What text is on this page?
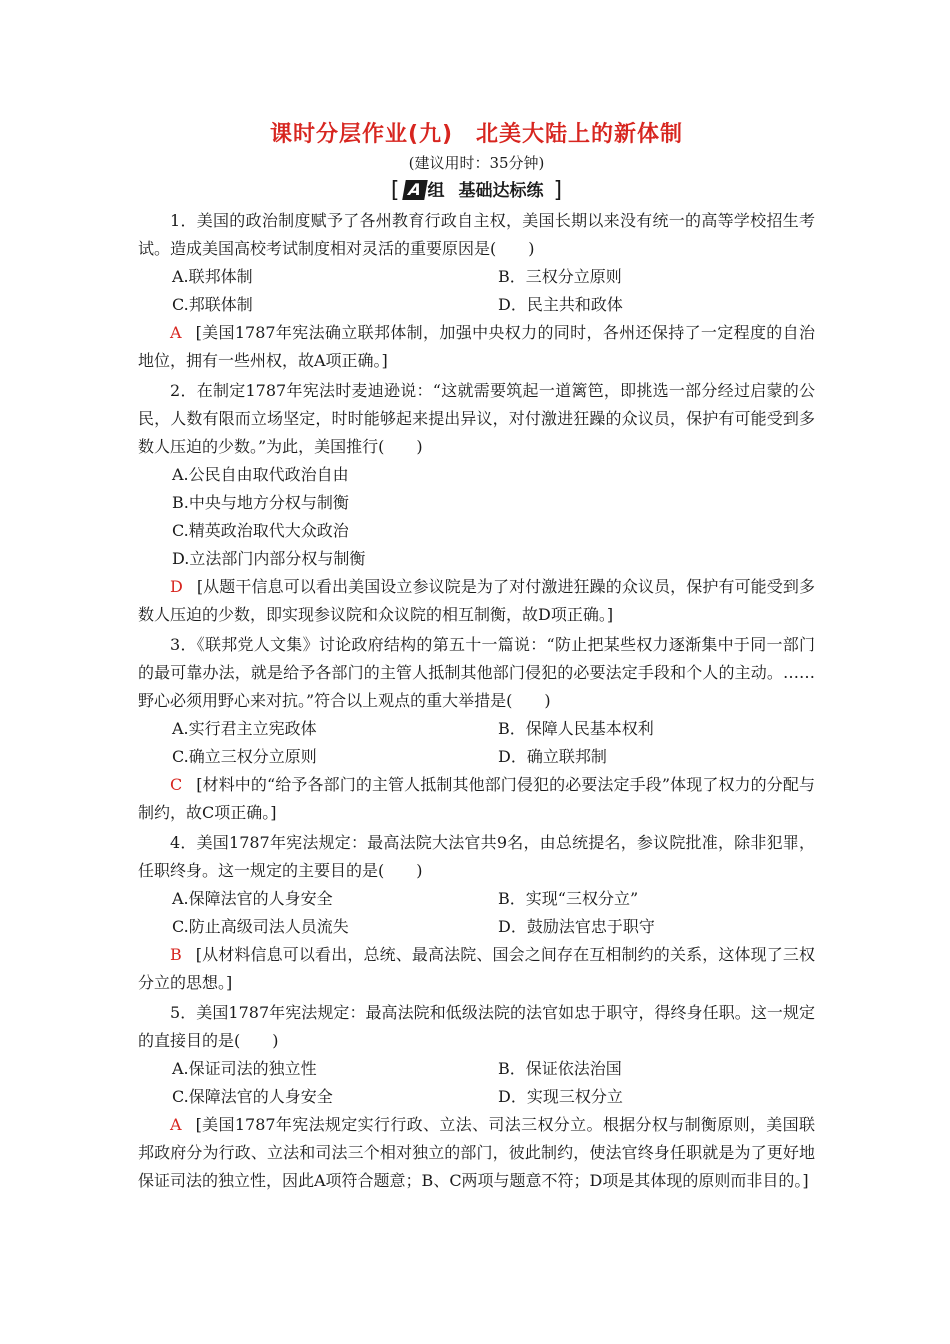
课时分层作业(九)　北美大陆上的新体制
(建议用时：35分钟)
[ A 组 基础达标练 ]

1．美国的政治制度赋予了各州教育行政自主权，美国长期以来没有统一的高等学校招生考试。造成美国高校考试制度相对灵活的重要原因是(　　)

A.联邦体制	B．三权分立原则
C.邦联体制	D．民主共和政体

A [美国1787年宪法确立联邦体制，加强中央权力的同时，各州还保持了一定程度的自治地位，拥有一些州权，故A项正确。]

2．在制定1787年宪法时麦迪逊说：“这就需要筑起一道篱笆，即挑选一部分经过启蒙的公民，人数有限而立场坚定，时时能够起来提出异议，对付激进狂躁的众议员，保护有可能受到多数人压迫的少数。”为此，美国推行(　　)

A.公民自由取代政治自由
B.中央与地方分权与制衡
C.精英政治取代大众政治
D.立法部门内部分权与制衡

D [从题干信息可以看出美国设立参议院是为了对付激进狂躁的众议员，保护有可能受到多数人压迫的少数，即实现参议院和众议院的相互制衡，故D项正确。]

3．《联邦党人文集》讨论政府结构的第五十一篇说：“防止把某些权力逐渐集中于同一部门的最可靠办法，就是给予各部门的主管人抵制其他部门侵犯的必要法定手段和个人的主动。……野心必须用野心来对抗。”符合以上观点的重大举措是(　　)

A.实行君主立宪政体	B．保障人民基本权利
C.确立三权分立原则	D．确立联邦制

C [材料中的“给予各部门的主管人抵制其他部门侵犯的必要法定手段”体现了权力的分配与制约，故C项正确。]

4．美国1787年宪法规定：最高法院大法官共9名，由总统提名，参议院批准，除非犯罪，任职终身。这一规定的主要目的是(　　)

A.保障法官的人身安全	B．实现“三权分立”
C.防止高级司法人员流失	D．鼓励法官忠于职守

B [从材料信息可以看出，总统、最高法院、国会之间存在互相制约的关系，这体现了三权分立的思想。]

5．美国1787年宪法规定：最高法院和低级法院的法官如忠于职守，得终身任职。这一规定的直接目的是(　　)

A.保证司法的独立性	B．保证依法治国
C.保障法官的人身安全	D．实现三权分立

A [美国1787年宪法规定实行行政、立法、司法三权分立。根据分权与制衡原则，美国联邦政府分为行政、立法和司法三个相对独立的部门，彼此制约，使法官终身任职就是为了更好地保证司法的独立性，因此A项符合题意；B、C两项与题意不符；D项是其体现的原则而非目的。]
